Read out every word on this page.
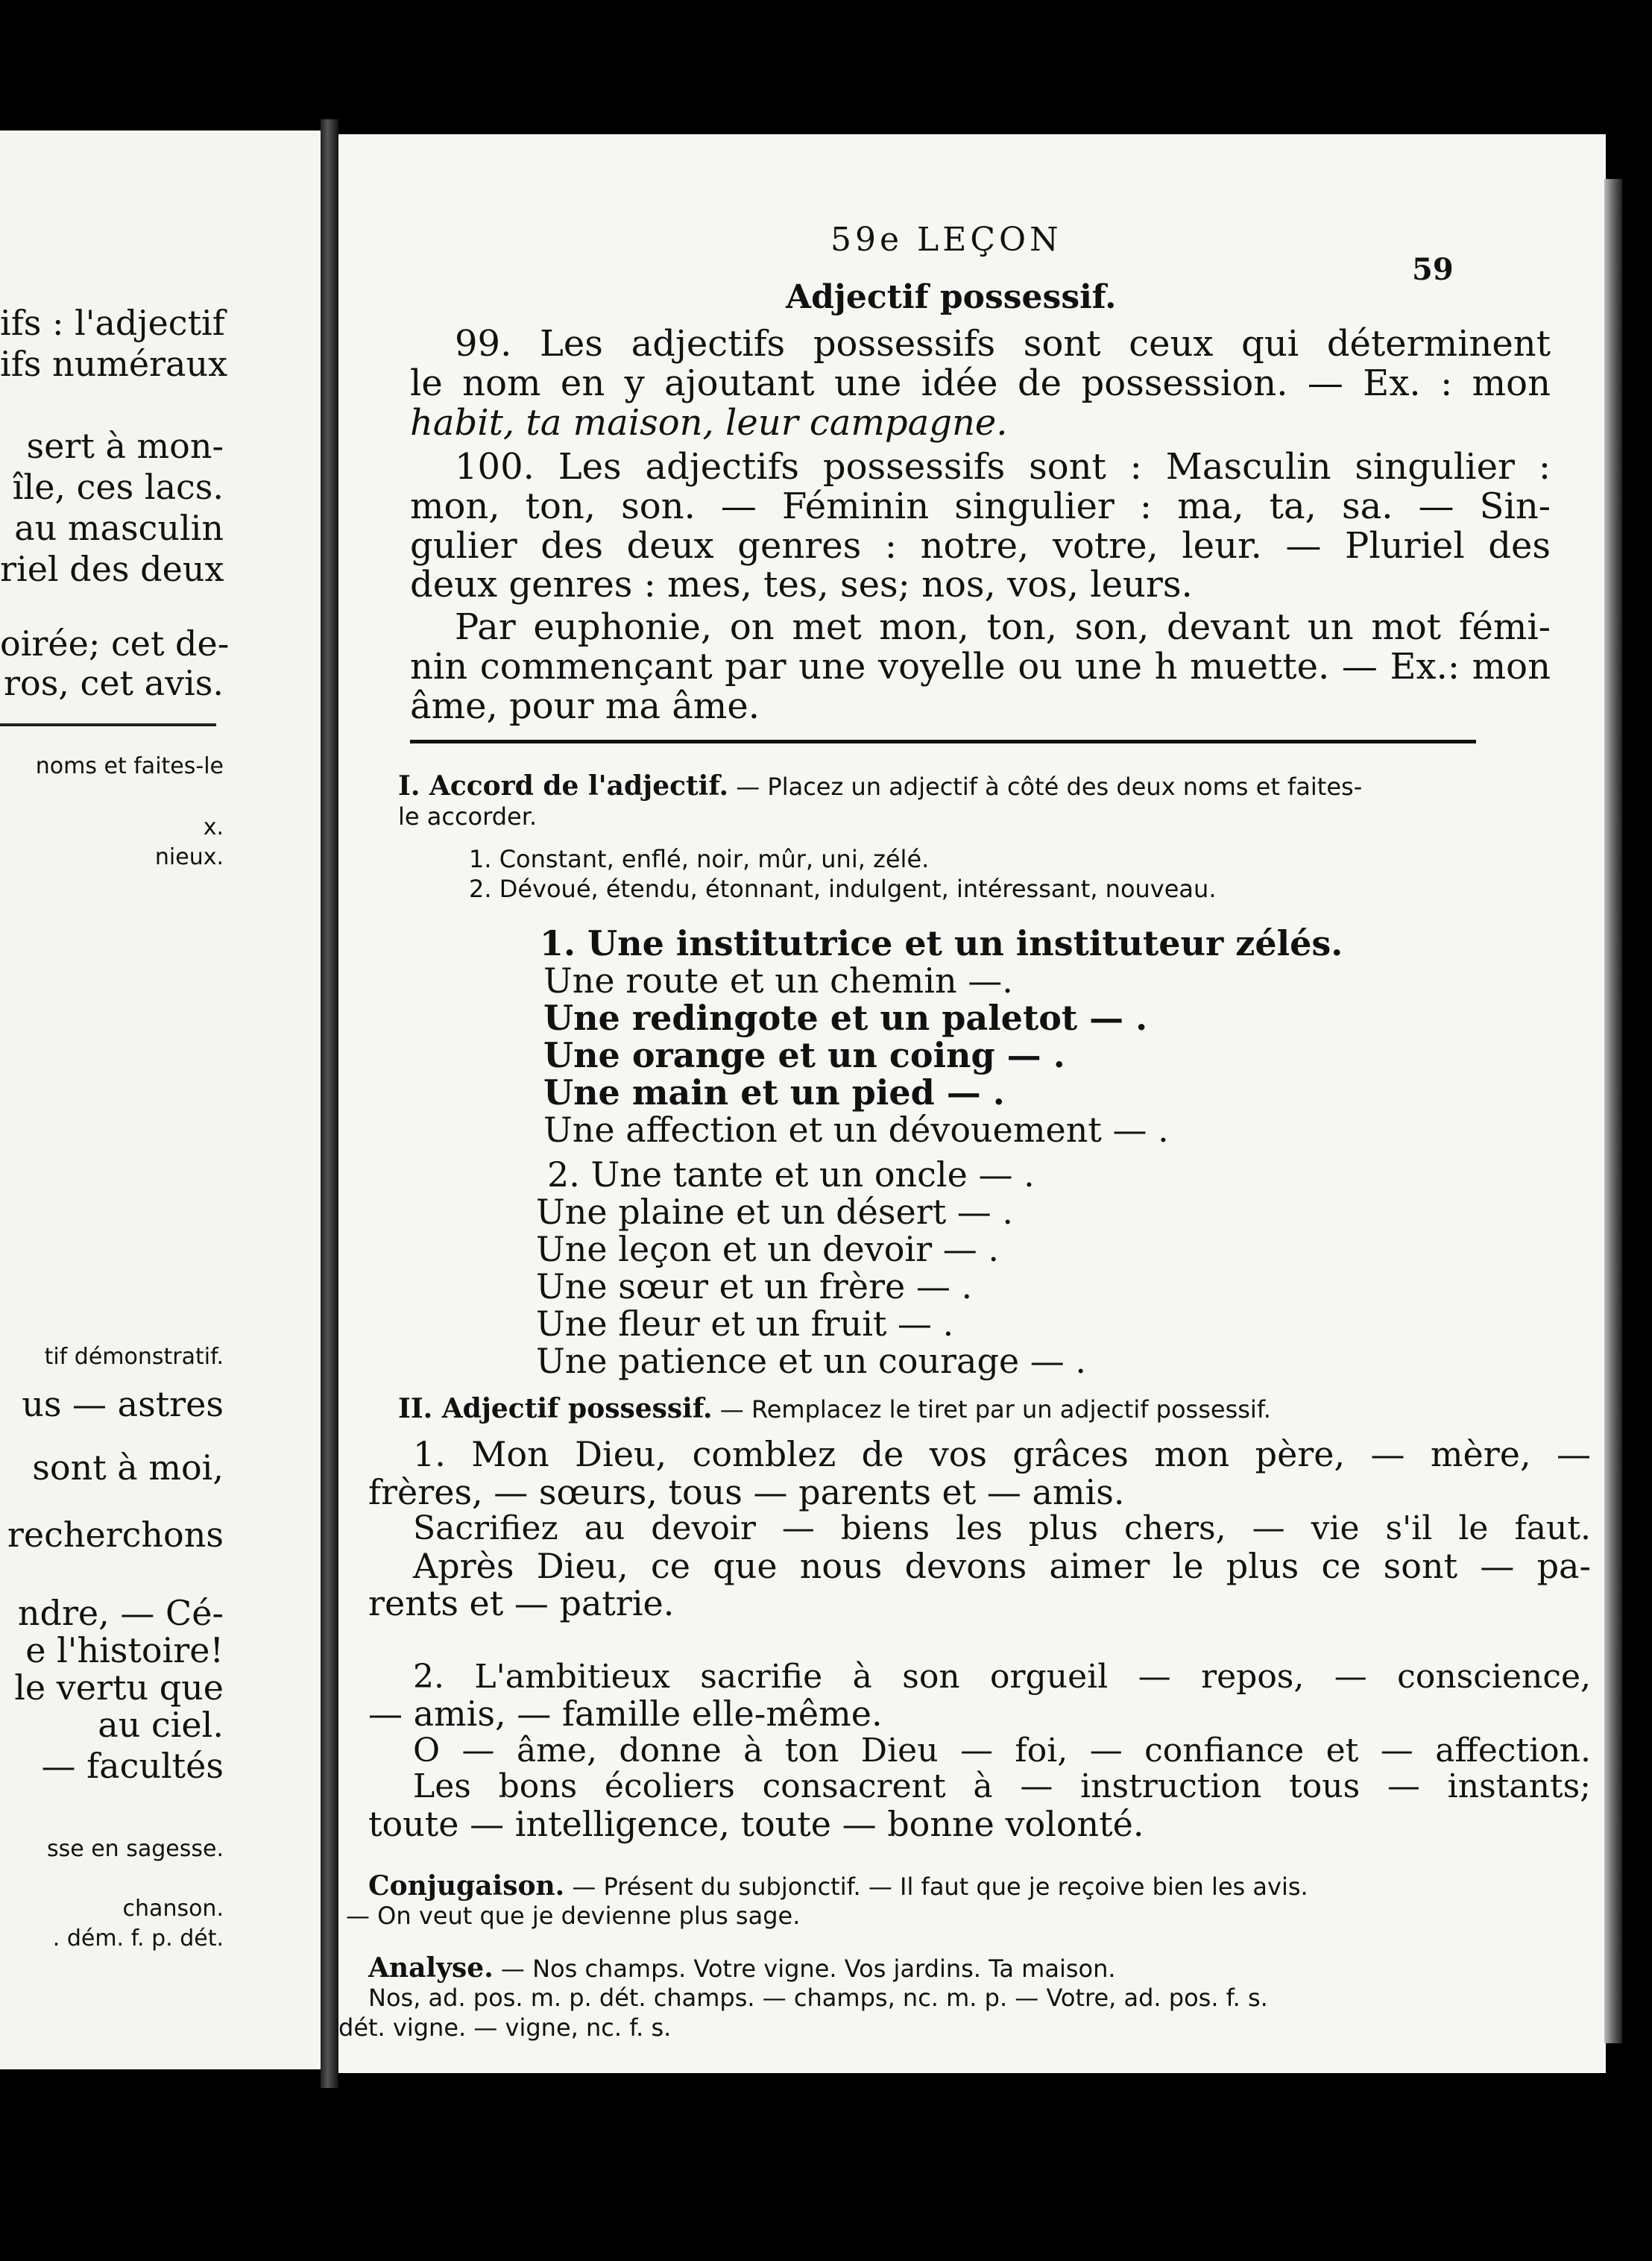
ifs : l'adjectif
ifs numéraux
sert à mon-
île, ces lacs.
au masculin
riel des deux
oirée; cet de-
ros, cet avis.
noms et faites-le
x.
nieux.
tif démonstratif.
us — astres
sont à moi,
recherchons
ndre, — Cé-
e l'histoire!
le vertu que
au ciel.
— facultés
sse en sagesse.
chanson.
. dém. f. p. dét.
59e LEÇON
59
Adjectif possessif.

99. Les adjectifs possessifs sont ceux qui déterminent

le nom en y ajoutant une idée de possession. — Ex. : mon

habit, ta maison, leur campagne.

100. Les adjectifs possessifs sont : Masculin singulier :

mon, ton, son. — Féminin singulier : ma, ta, sa. — Sin-

gulier des deux genres : notre, votre, leur. — Pluriel des

deux genres : mes, tes, ses; nos, vos, leurs.

Par euphonie, on met mon, ton, son, devant un mot fémi-

nin commençant par une voyelle ou une h muette. — Ex.: mon

âme, pour ma âme.

I. Accord de l'adjectif. — Placez un adjectif à côté des deux noms et faites-
le accorder.
1. Constant, enflé, noir, mûr, uni, zélé.
2. Dévoué, étendu, étonnant, indulgent, intéressant, nouveau.
1. Une institutrice et un instituteur zélés.
Une route et un chemin —.
Une redingote et un paletot — .
Une orange et un coing — .
Une main et un pied — .
Une affection et un dévouement — .
2. Une tante et un oncle — .
Une plaine et un désert — .
Une leçon et un devoir — .
Une sœur et un frère — .
Une fleur et un fruit — .
Une patience et un courage — .
II. Adjectif possessif. — Remplacez le tiret par un adjectif possessif.

1. Mon Dieu, comblez de vos grâces mon père, — mère, —

frères, — sœurs, tous — parents et — amis.

Sacrifiez au devoir — biens les plus chers, — vie s'il le faut.

Après Dieu, ce que nous devons aimer le plus ce sont — pa-

rents et — patrie.

2. L'ambitieux sacrifie à son orgueil — repos, — conscience,

— amis, — famille elle-même.

O — âme, donne à ton Dieu — foi, — confiance et — affection.

Les bons écoliers consacrent à — instruction tous — instants;

toute — intelligence, toute — bonne volonté.

Conjugaison. — Présent du subjonctif. — Il faut que je reçoive bien les avis.
— On veut que je devienne plus sage.
Analyse. — Nos champs. Votre vigne. Vos jardins. Ta maison.
Nos, ad. pos. m. p. dét. champs. — champs, nc. m. p. — Votre, ad. pos. f. s.
dét. vigne. — vigne, nc. f. s.
